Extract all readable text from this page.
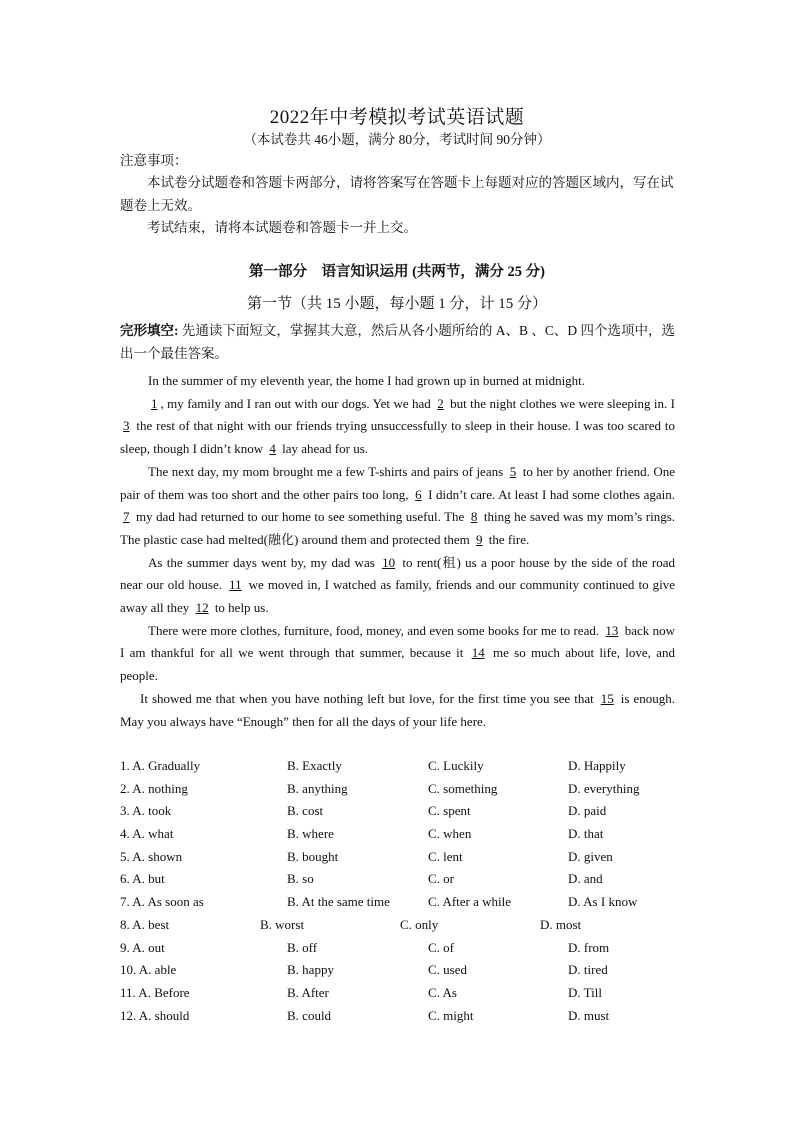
2022年中考模拟考试英语试题
（本试卷共 46小题，满分 80分，考试时间 90分钟）
注意事项：
本试卷分试题卷和答题卡两部分，请将答案写在答题卡上每题对应的答题区域内，写在试题卷上无效。
考试结束，请将本试题卷和答题卡一并上交。
第一部分　语言知识运用 (共两节，满分 25 分)
第一节（共 15 小题，每小题 1 分，计 15 分）
完形填空: 先通读下面短文，掌握其大意，然后从各小题所给的 A、B 、C、D 四个选项中，选出一个最佳答案。

In the summer of my eleventh year, the home I had grown up in burned at midnight.

1 , my family and I ran out with our dogs. Yet we had 2 but the night clothes we were sleeping in. I 3 the rest of that night with our friends trying unsuccessfully to sleep in their house. I was too scared to sleep, though I didn’t know 4 lay ahead for us.

The next day, my mom brought me a few T-shirts and pairs of jeans 5 to her by another friend. One pair of them was too short and the other pairs too long, 6 I didn’t care. At least I had some clothes again. 7 my dad had returned to our home to see something useful. The 8 thing he saved was my mom’s rings. The plastic case had melted(融化) around them and protected them 9 the fire.

As the summer days went by, my dad was 10 to rent(租) us a poor house by the side of the road near our old house. 11 we moved in, I watched as family, friends and our community continued to give away all they 12 to help us.

There were more clothes, furniture, food, money, and even some books for me to read. 13 back now I am thankful for all we went through that summer, because it 14 me so much about life, love, and people.

It showed me that when you have nothing left but love, for the first time you see that 15 is enough. May you always have “Enough” then for all the days of your life here.

1. A. Gradually	B. Exactly	C. Luckily	D. Happily
2. A. nothing	B. anything	C. something	D. everything
3. A. took	B. cost	C. spent	D. paid
4. A. what	B. where	C. when	D. that
5. A. shown	B. bought	C. lent	D. given
6. A. but	B. so	C. or	D. and
7. A. As soon as	B. At the same time	C. After a while	D. As I know
8. A. best	B. worst	C. only	D. most
9. A. out	B. off	C. of	D. from
10. A. able	B. happy	C. used	D. tired
11. A. Before	B. After	C. As	D. Till
12. A. should	B. could	C. might	D. must
